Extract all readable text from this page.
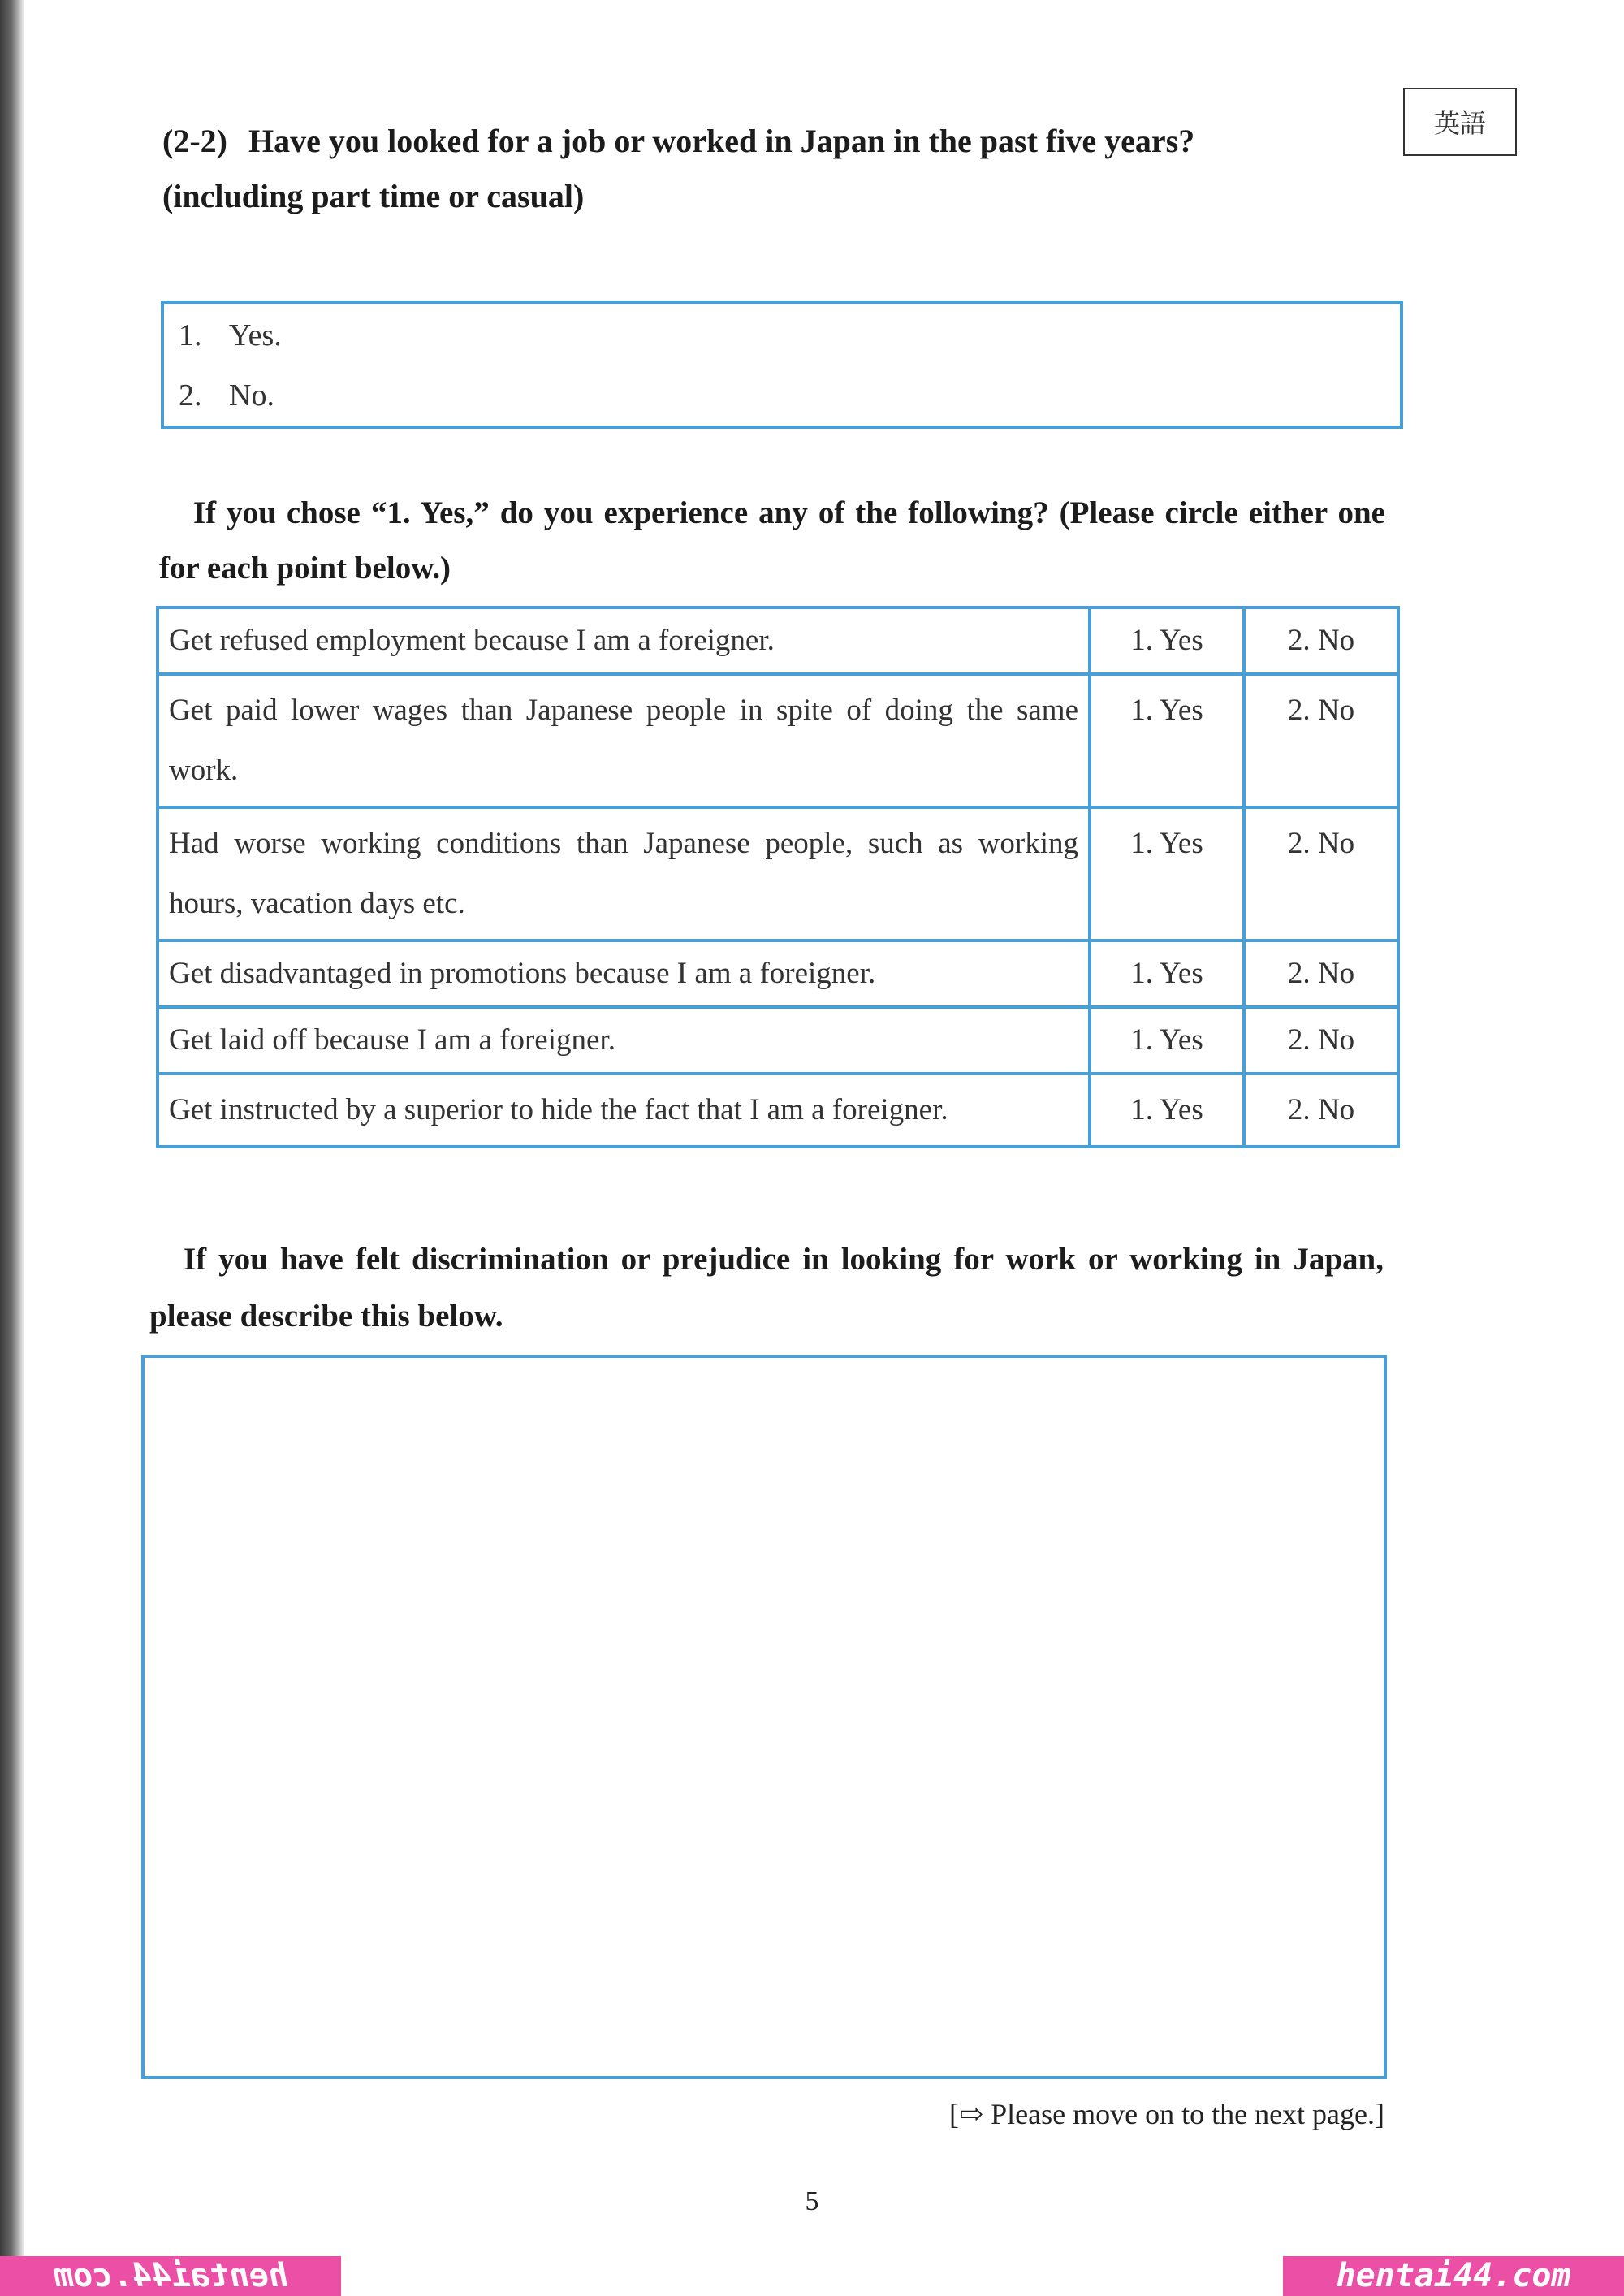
英語
(2-2) Have you looked for a job or worked in Japan in the past five years?
(including part time or casual)
1. Yes.
2. No.
If you chose “1. Yes,” do you experience any of the following? (Please circle either one for each point below.)
Get refused employment because I am a foreigner.	1. Yes	2. No
Get paid lower wages than Japanese people in spite of doing the same work.	1. Yes	2. No
Had worse working conditions than Japanese people, such as working hours, vacation days etc.	1. Yes	2. No
Get disadvantaged in promotions because I am a foreigner.	1. Yes	2. No
Get laid off because I am a foreigner.	1. Yes	2. No
Get instructed by a superior to hide the fact that I am a foreigner.	1. Yes	2. No
If you have felt discrimination or prejudice in looking for work or working in Japan, please describe this below.
[⇨ Please move on to the next page.]
5
hentai44.com	hentai44.com
